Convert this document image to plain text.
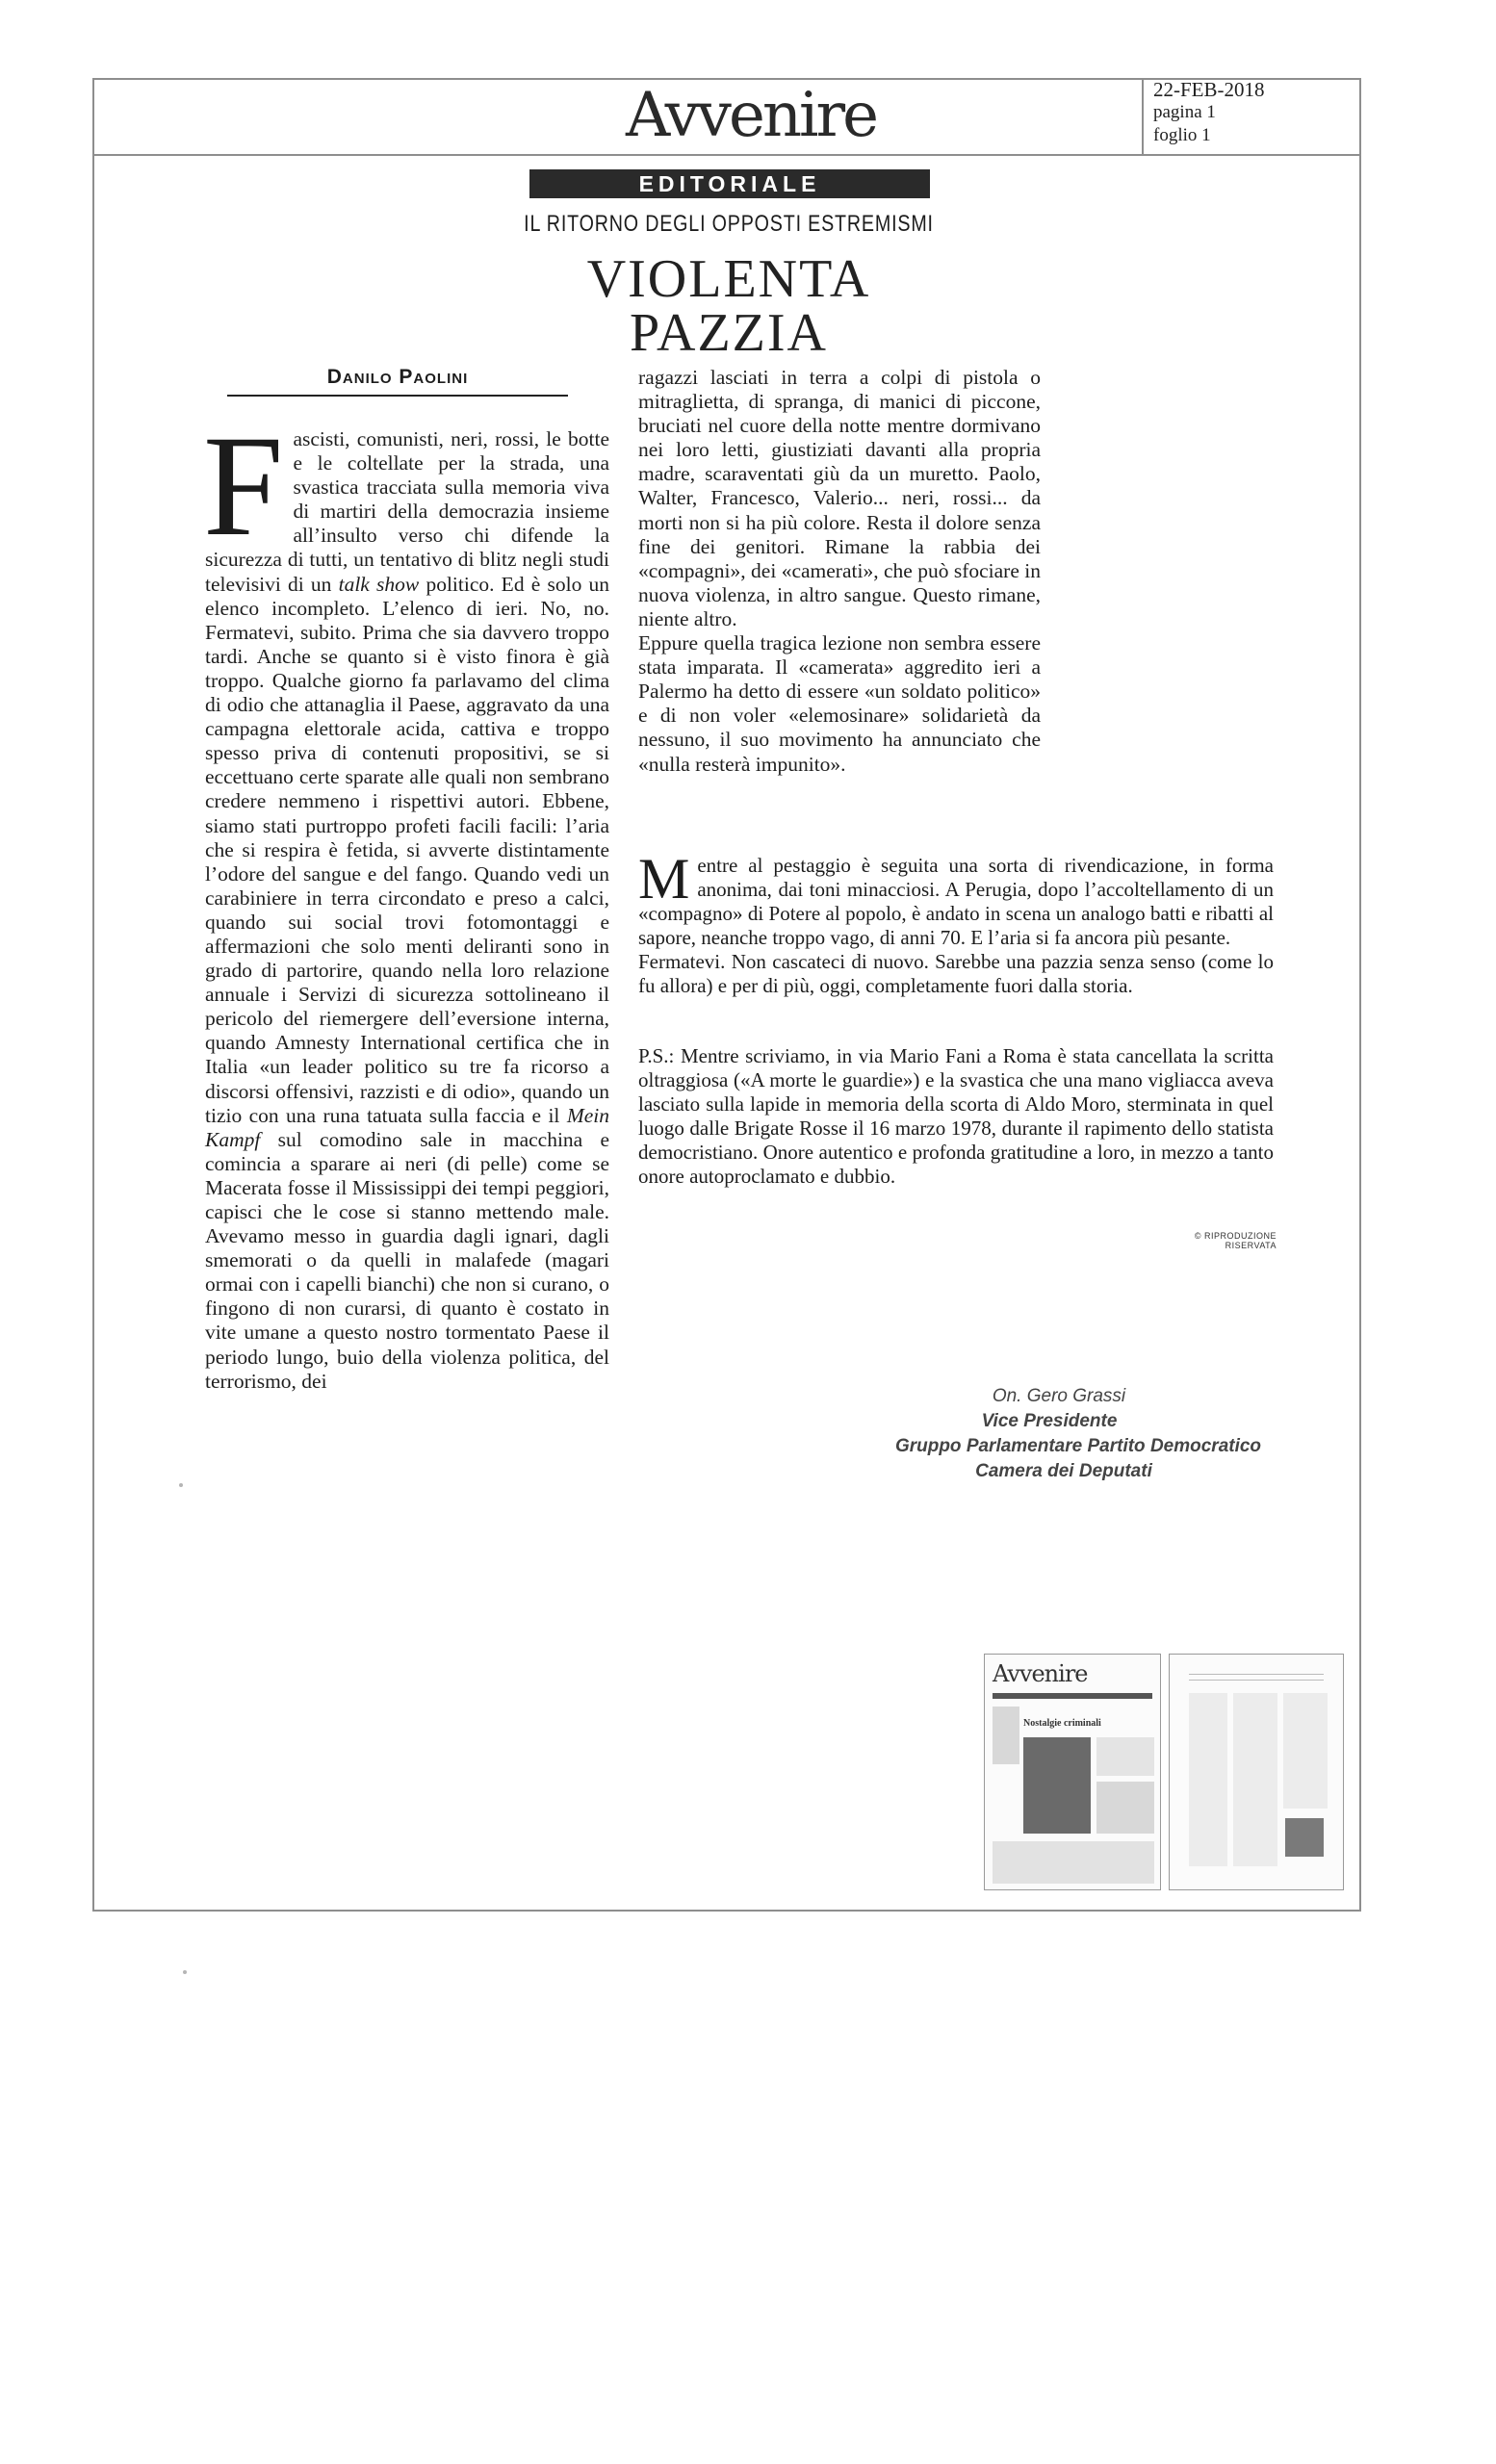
22-FEB-2018
pagina 1
foglio 1
Avvenire
EDITORIALE
IL RITORNO DEGLI OPPOSTI ESTREMISMI
VIOLENTA
PAZZIA
Danilo Paolini

Fascisti, comunisti, neri, rossi, le botte e le coltellate per la strada, una svastica tracciata sulla memoria viva di martiri della democrazia insieme all’insulto verso chi difende la sicurezza di tutti, un tentativo di blitz negli studi televisivi di un talk show politico. Ed è solo un elenco incompleto. L’elenco di ieri. No, no. Fermatevi, subito. Prima che sia davvero troppo tardi. Anche se quanto si è visto finora è già troppo. Qualche giorno fa parlavamo del clima di odio che attanaglia il Paese, aggravato da una campagna elettorale acida, cattiva e troppo spesso priva di contenuti propositivi, se si eccettuano certe sparate alle quali non sembrano credere nemmeno i rispettivi autori. Ebbene, siamo stati purtroppo profeti facili facili: l’aria che si respira è fetida, si avverte distintamente l’odore del sangue e del fango. Quando vedi un carabiniere in terra circondato e preso a calci, quando sui social trovi fotomontaggi e affermazioni che solo menti deliranti sono in grado di partorire, quando nella loro relazione annuale i Servizi di sicurezza sottolineano il pericolo del riemergere dell’eversione interna, quando Amnesty International certifica che in Italia «un leader politico su tre fa ricorso a discorsi offensivi, razzisti e di odio», quando un tizio con una runa tatuata sulla faccia e il Mein Kampf sul comodino sale in macchina e comincia a sparare ai neri (di pelle) come se Macerata fosse il Mississippi dei tempi peggiori, capisci che le cose si stanno mettendo male. Avevamo messo in guardia dagli ignari, dagli smemorati o da quelli in malafede (magari ormai con i capelli bianchi) che non si curano, o fingono di non curarsi, di quanto è costato in vite umane a questo nostro tormentato Paese il periodo lungo, buio della violenza politica, del terrorismo, dei

ragazzi lasciati in terra a colpi di pistola o mitraglietta, di spranga, di manici di piccone, bruciati nel cuore della notte mentre dormivano nei loro letti, giustiziati davanti alla propria madre, scaraventati giù da un muretto. Paolo, Walter, Francesco, Valerio... neri, rossi... da morti non si ha più colore. Resta il dolore senza fine dei genitori. Rimane la rabbia dei «compagni», dei «camerati», che può sfociare in nuova violenza, in altro sangue. Questo rimane, niente altro.

Eppure quella tragica lezione non sembra essere stata imparata. Il «camerata» aggredito ieri a Palermo ha detto di essere «un soldato politico» e di non voler «elemosinare» solidarietà da nessuno, il suo movimento ha annunciato che «nulla resterà impunito».

Mentre al pestaggio è seguita una sorta di rivendicazione, in forma anonima, dai toni minacciosi. A Perugia, dopo l’accoltellamento di un «compagno» di Potere al popolo, è andato in scena un analogo batti e ribatti al sapore, neanche troppo vago, di anni 70. E l’aria si fa ancora più pesante.

Fermatevi. Non cascateci di nuovo. Sarebbe una pazzia senza senso (come lo fu allora) e per di più, oggi, completamente fuori dalla storia.

P.S.: Mentre scriviamo, in via Mario Fani a Roma è stata cancellata la scritta oltraggiosa («A morte le guardie») e la svastica che una mano vigliacca aveva lasciato sulla lapide in memoria della scorta di Aldo Moro, sterminata in quel luogo dalle Brigate Rosse il 16 marzo 1978, durante il rapimento dello statista democristiano. Onore autentico e profonda gratitudine a loro, in mezzo a tanto onore autoproclamato e dubbio.
© RIPRODUZIONE RISERVATA
On. Gero Grassi
Vice Presidente
Gruppo Parlamentare Partito Democratico
Camera dei Deputati
Avvenire
Nostalgie criminali
